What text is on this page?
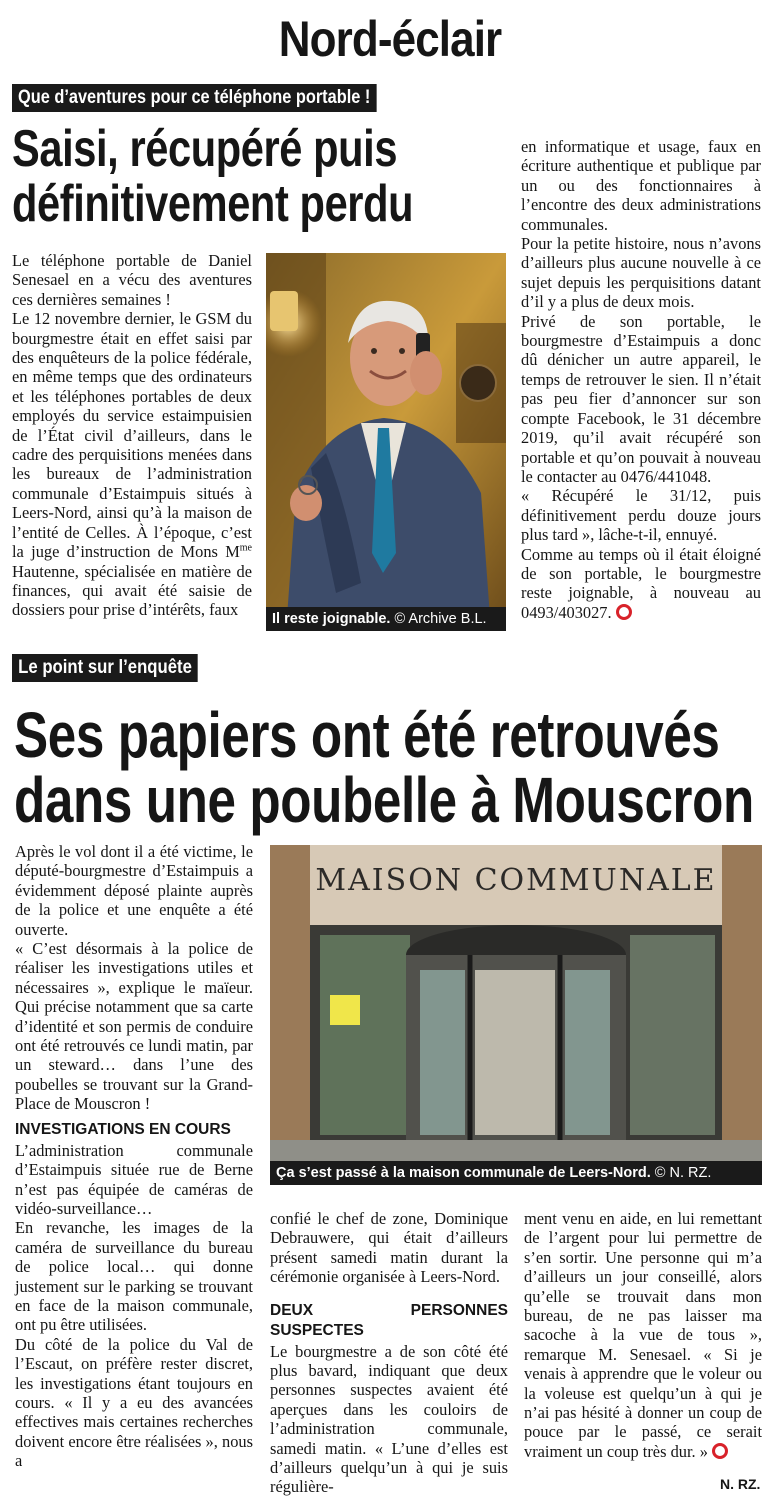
Nord-éclair
Que d’aventures pour ce téléphone portable !
Saisi, récupéré puis
définitivement perdu

Le téléphone portable de Daniel Senesael en a vécu des aventures ces dernières semaines !

Le 12 novembre dernier, le GSM du bourgmestre était en effet saisi par des enquêteurs de la police fédérale, en même temps que des ordinateurs et les téléphones portables de deux employés du service estaimpuisien de l’État civil d’ailleurs, dans le cadre des perquisitions menées dans les bureaux de l’administration communale d’Estaimpuis situés à Leers-Nord, ainsi qu’à la maison de l’entité de Celles. À l’époque, c’est la juge d’instruction de Mons $M^{me}$ Hautenne, spécialisée en matière de finances, qui avait été saisie de dossiers pour prise d’intérêts, faux	Il reste joignable. © Archive B.L.

en informatique et usage, faux en écriture authentique et publique par un ou des fonctionnaires à l’encontre des deux administrations communales.

Pour la petite histoire, nous n’avons d’ailleurs plus aucune nouvelle à ce sujet depuis les perquisitions datant d’il y a plus de deux mois.

Privé de son portable, le bourgmestre d’Estaimpuis a donc dû dénicher un autre appareil, le temps de retrouver le sien. Il n’était pas peu fier d’annoncer sur son compte Facebook, le 31 décembre 2019, qu’il avait récupéré son portable et qu’on pouvait à nouveau le contacter au 0476/441048.

« Récupéré le 31/12, puis définitivement perdu douze jours plus tard », lâche-t-il, ennuyé.

Comme au temps où il était éloigné de son portable, le bourgmestre reste joignable, à nouveau au 0493/403027.

Le point sur l’enquête
Ses papiers ont été retrouvés
dans une poubelle à Mouscron

Après le vol dont il a été victime, le député-bourgmestre d’Estaimpuis a évidemment déposé plainte auprès de la police et une enquête a été ouverte.

« C’est désormais à la police de réaliser les investigations utiles et nécessaires », explique le maïeur. Qui précise notamment que sa carte d’identité et son permis de conduire ont été retrouvés ce lundi matin, par un steward… dans l’une des poubelles se trouvant sur la Grand-Place de Mouscron !

INVESTIGATIONS EN COURS

L’administration communale d’Estaimpuis située rue de Berne n’est pas équipée de caméras de vidéo-surveillance…

En revanche, les images de la caméra de surveillance du bureau de police local… qui donne justement sur le parking se trouvant en face de la maison communale, ont pu être utilisées.

Du côté de la police du Val de l’Escaut, on préfère rester discret, les investigations étant toujours en cours. « Il y a eu des avancées effectives mais certaines recherches doivent encore être réalisées », nous a

MAISON COMMUNALE
Ça s’est passé à la maison communale de Leers-Nord. © N. RZ.

confié le chef de zone, Dominique Debrauwere, qui était d’ailleurs présent samedi matin durant la cérémonie organisée à Leers-Nord.

DEUX PERSONNES SUSPECTES

Le bourgmestre a de son côté été plus bavard, indiquant que deux personnes suspectes avaient été aperçues dans les couloirs de l’administration communale, samedi matin. « L’une d’elles est d’ailleurs quelqu’un à qui je suis régulière-

ment venu en aide, en lui remettant de l’argent pour lui permettre de s’en sortir. Une personne qui m’a d’ailleurs un jour conseillé, alors qu’elle se trouvait dans mon bureau, de ne pas laisser ma sacoche à la vue de tous », remarque M. Senesael. « Si je venais à apprendre que le voleur ou la voleuse est quelqu’un à qui je n’ai pas hésité à donner un coup de pouce par le passé, ce serait vraiment un coup très dur. »

N. RZ.
